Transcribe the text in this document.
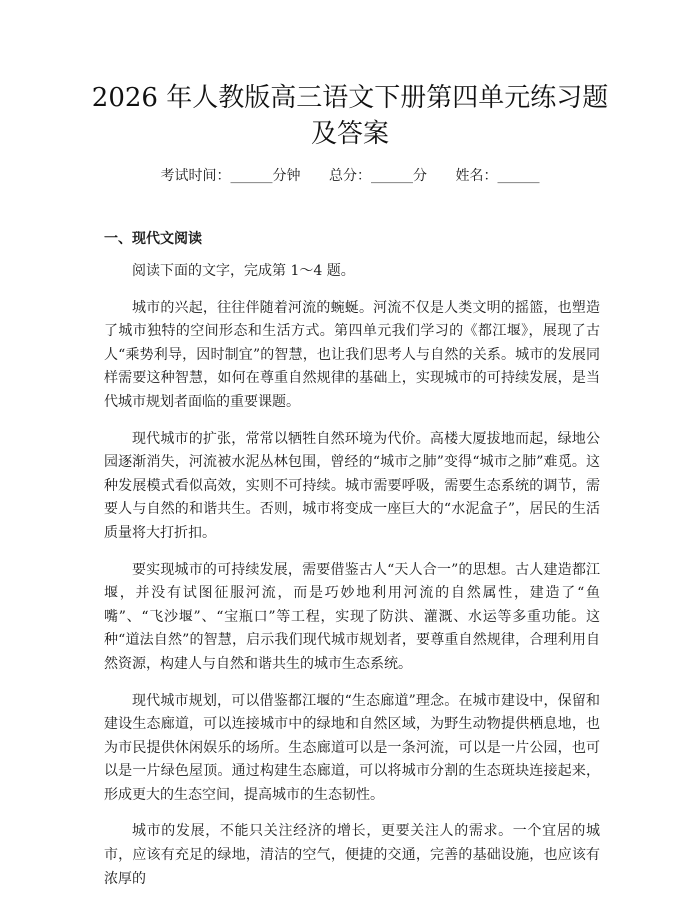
2026 年人教版高三语文下册第四单元练习题及答案
考试时间：______分钟 总分：______分 姓名：______
一、现代文阅读

阅读下面的文字，完成第 1～4 题。

城市的兴起，往往伴随着河流的蜿蜒。河流不仅是人类文明的摇篮，也塑造了城市独特的空间形态和生活方式。第四单元我们学习的《都江堰》，展现了古人“乘势利导，因时制宜”的智慧，也让我们思考人与自然的关系。城市的发展同样需要这种智慧，如何在尊重自然规律的基础上，实现城市的可持续发展，是当代城市规划者面临的重要课题。

现代城市的扩张，常常以牺牲自然环境为代价。高楼大厦拔地而起，绿地公园逐渐消失，河流被水泥丛林包围，曾经的“城市之肺”变得“城市之肺”难觅。这种发展模式看似高效，实则不可持续。城市需要呼吸，需要生态系统的调节，需要人与自然的和谐共生。否则，城市将变成一座巨大的“水泥盒子”，居民的生活质量将大打折扣。

要实现城市的可持续发展，需要借鉴古人“天人合一”的思想。古人建造都江堰，并没有试图征服河流，而是巧妙地利用河流的自然属性，建造了“鱼嘴”、“飞沙堰”、“宝瓶口”等工程，实现了防洪、灌溉、水运等多重功能。这种“道法自然”的智慧，启示我们现代城市规划者，要尊重自然规律，合理利用自然资源，构建人与自然和谐共生的城市生态系统。

现代城市规划，可以借鉴都江堰的“生态廊道”理念。在城市建设中，保留和建设生态廊道，可以连接城市中的绿地和自然区域，为野生动物提供栖息地，也为市民提供休闲娱乐的场所。生态廊道可以是一条河流，可以是一片公园，也可以是一片绿色屋顶。通过构建生态廊道，可以将城市分割的生态斑块连接起来，形成更大的生态空间，提高城市的生态韧性。

城市的发展，不能只关注经济的增长，更要关注人的需求。一个宜居的城市，应该有充足的绿地，清洁的空气，便捷的交通，完善的基础设施，也应该有浓厚的
